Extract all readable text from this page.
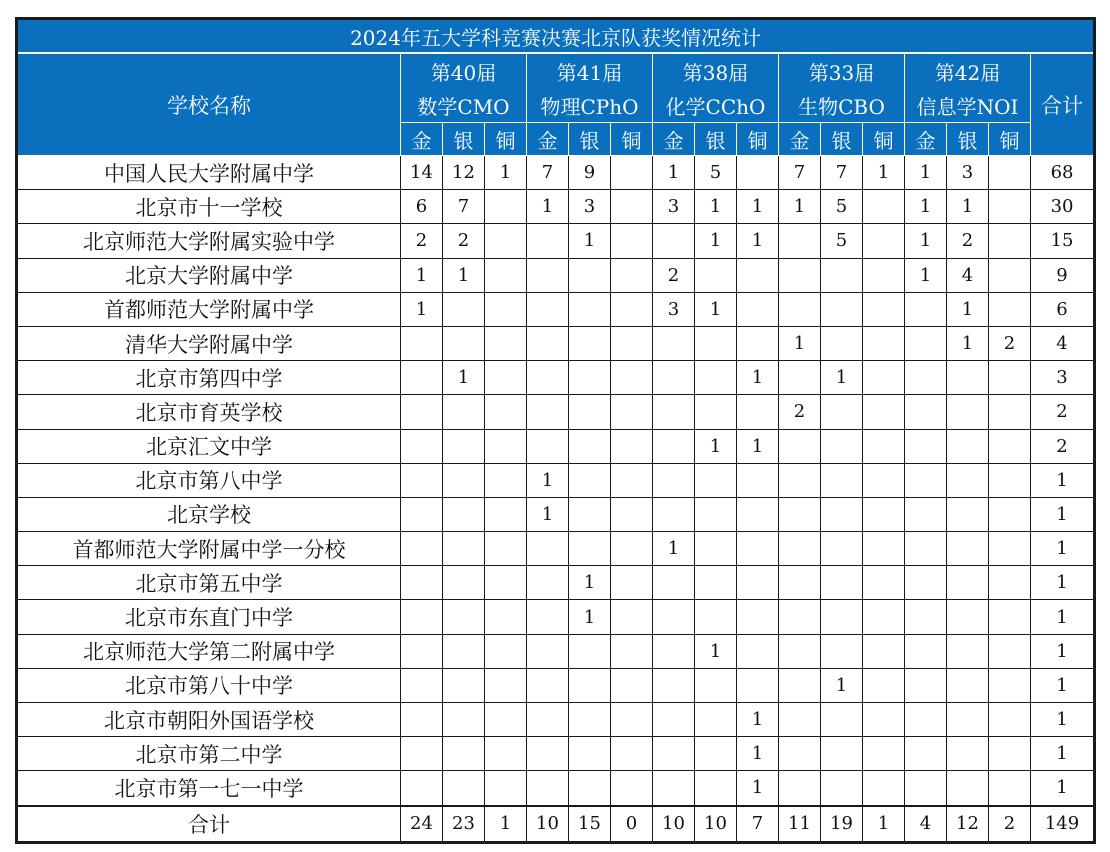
2024年五大学科竞赛决赛北京队获奖情况统计																
学校名称	第40届			第41届			第38届			第33届			第42届			合计
	数学CMO			物理CPhO			化学CChO			生物CBO			信息学NOI			
	金	银	铜	金	银	铜	金	银	铜	金	银	铜	金	银	铜	
中国人民大学附属中学	14	12	1	7	9		1	5		7	7	1	1	3		68
北京市十一学校	6	7		1	3		3	1	1	1	5		1	1		30
北京师范大学附属实验中学	2	2			1			1	1		5		1	2		15
北京大学附属中学	1	1					2						1	4		9
首都师范大学附属中学	1						3	1						1		6
清华大学附属中学										1				1	2	4
北京市第四中学		1							1		1					3
北京市育英学校										2						2
北京汇文中学								1	1							2
北京市第八中学				1												1
北京学校				1												1
首都师范大学附属中学一分校							1									1
北京市第五中学					1											1
北京市东直门中学					1											1
北京师范大学第二附属中学								1								1
北京市第八十中学											1					1
北京市朝阳外国语学校									1							1
北京市第二中学									1							1
北京市第一七一中学									1							1
合计	24	23	1	10	15	0	10	10	7	11	19	1	4	12	2	149
